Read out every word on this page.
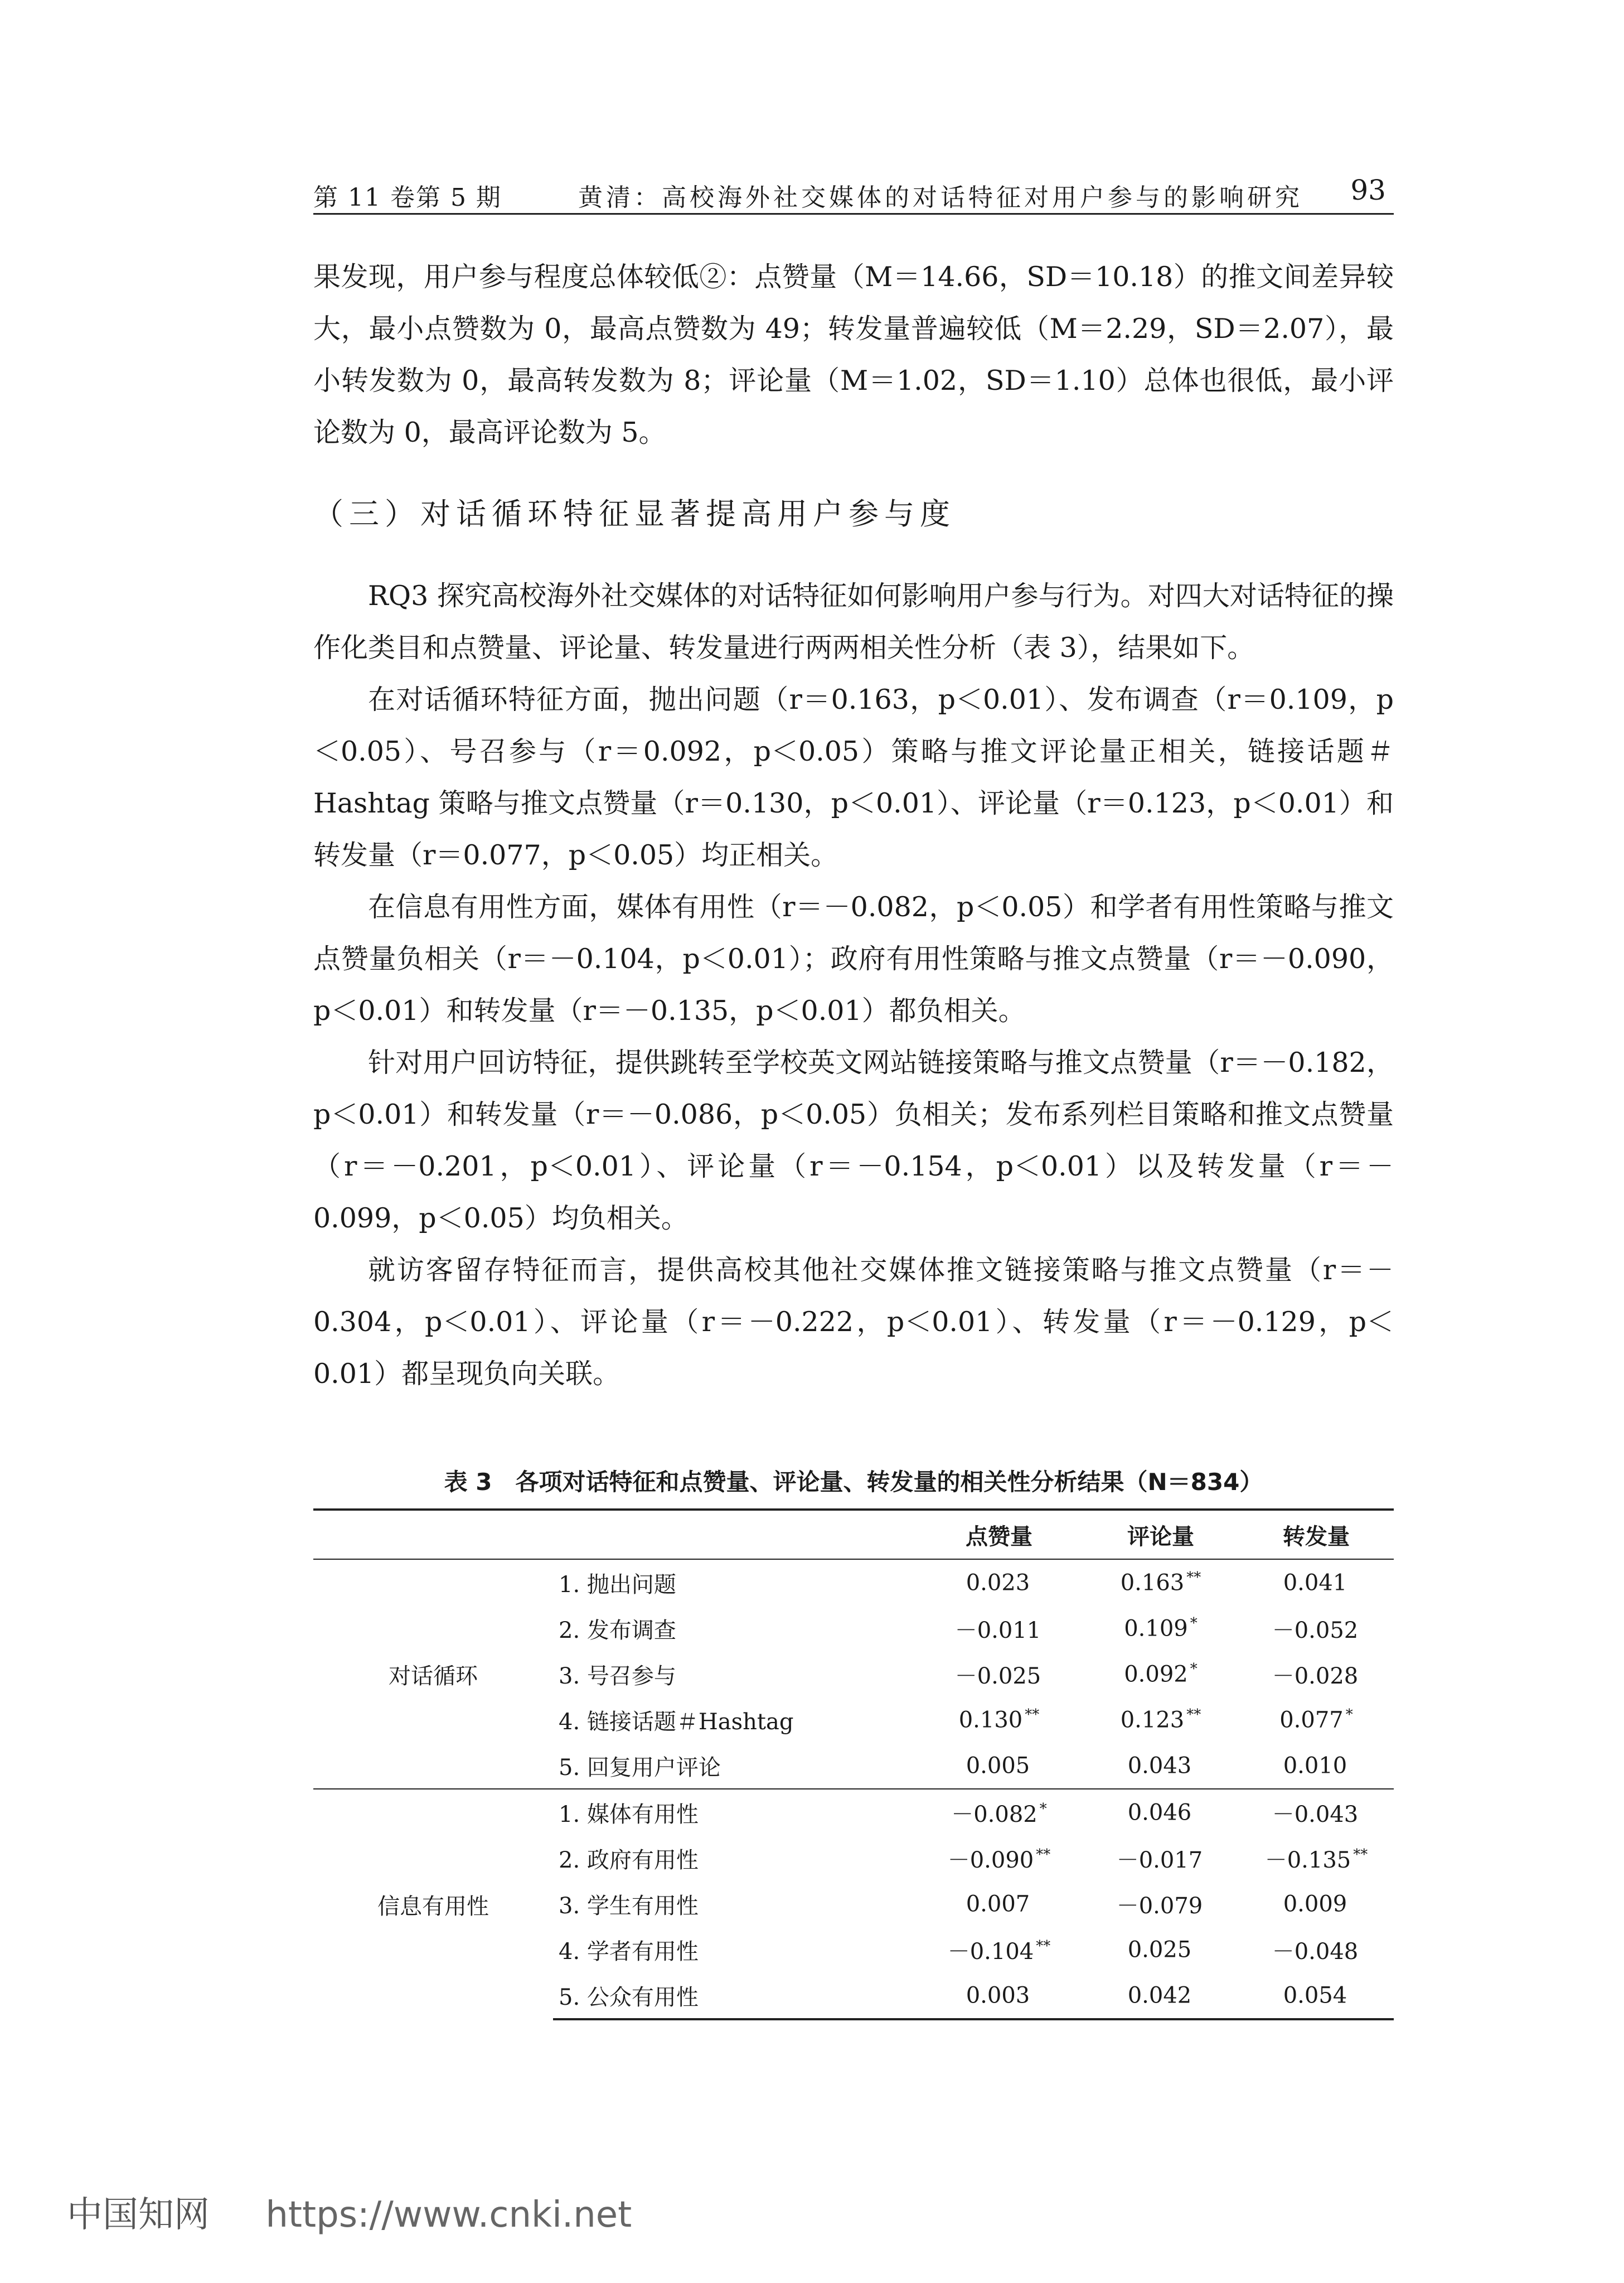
第 11 卷第 5 期	黄清：高校海外社交媒体的对话特征对用户参与的影响研究 93

果发现，用户参与程度总体较低②：点赞量（M＝14.66，SD＝10.18）的推文间差异较大，最小点赞数为 0，最高点赞数为 49；转发量普遍较低（M＝2.29，SD＝2.07），最小转发数为 0，最高转发数为 8；评论量（M＝1.02，SD＝1.10）总体也很低，最小评论数为 0，最高评论数为 5。

（三）对话循环特征显著提高用户参与度

RQ3 探究高校海外社交媒体的对话特征如何影响用户参与行为。对四大对话特征的操作化类目和点赞量、评论量、转发量进行两两相关性分析（表 3），结果如下。

在对话循环特征方面，抛出问题（r＝0.163，p＜0.01）、发布调查（r＝0.109，p＜0.05）、号召参与（r＝0.092，p＜0.05）策略与推文评论量正相关，链接话题＃Hashtag 策略与推文点赞量（r＝0.130，p＜0.01）、评论量（r＝0.123，p＜0.01）和转发量（r＝0.077，p＜0.05）均正相关。

在信息有用性方面，媒体有用性（r＝－0.082，p＜0.05）和学者有用性策略与推文点赞量负相关（r＝－0.104，p＜0.01）；政府有用性策略与推文点赞量（r＝－0.090，p＜0.01）和转发量（r＝－0.135，p＜0.01）都负相关。

针对用户回访特征，提供跳转至学校英文网站链接策略与推文点赞量（r＝－0.182，p＜0.01）和转发量（r＝－0.086，p＜0.05）负相关；发布系列栏目策略和推文点赞量（r＝－0.201，p＜0.01）、评论量（r＝－0.154，p＜0.01）以及转发量（r＝－0.099，p＜0.05）均负相关。

就访客留存特征而言，提供高校其他社交媒体推文链接策略与推文点赞量（r＝－0.304，p＜0.01）、评论量（r＝－0.222，p＜0.01）、转发量（r＝－0.129，p＜0.01）都呈现负向关联。

表 3　各项对话特征和点赞量、评论量、转发量的相关性分析结果（N＝834）
		点赞量	评论量	转发量
对话循环	1. 抛出问题	0.023	0.163 **	0.041
	2. 发布调查	－0.011	0.109 *	－0.052
	3. 号召参与	－0.025	0.092 *	－0.028
	4. 链接话题＃Hashtag	0.130 **	0.123 **	0.077 *
	5. 回复用户评论	0.005	0.043	0.010
信息有用性	1. 媒体有用性	－0.082 *	0.046	－0.043
	2. 政府有用性	－0.090 **	－0.017	－0.135 **
	3. 学生有用性	0.007	－0.079	0.009
	4. 学者有用性	－0.104 **	0.025	－0.048
	5. 公众有用性	0.003	0.042	0.054
中国知网 https://www.cnki.net
